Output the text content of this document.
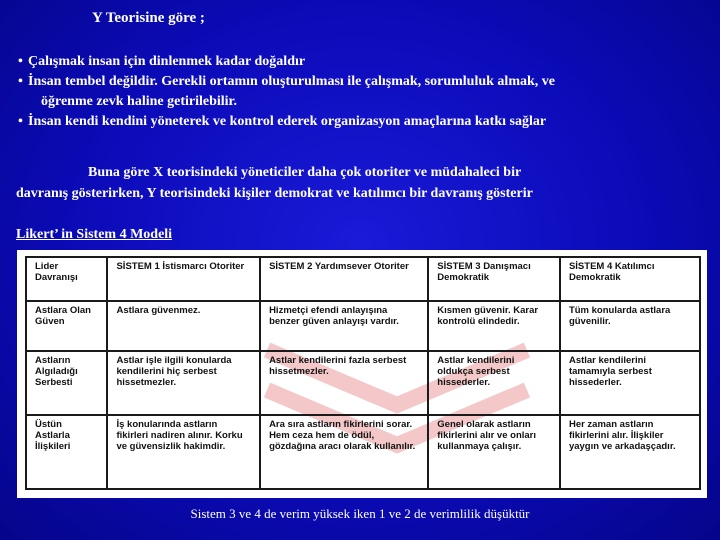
Y Teorisine göre ;
• Çalışmak insan için dinlenmek kadar doğaldır
• İnsan tembel değildir. Gerekli ortamın oluşturulması ile çalışmak, sorumluluk almak, ve
öğrenme zevk haline getirilebilir.
• İnsan kendi kendini yöneterek ve kontrol ederek organizasyon amaçlarına katkı sağlar
Buna göre X teorisindeki yöneticiler daha çok otoriter ve müdahaleci bir
davranış gösterirken, Y teorisindeki kişiler demokrat ve katılımcı bir davranış gösterir
Likert’ in Sistem 4 Modeli
Lider Davranışı	SİSTEM 1 İstismarcı Otoriter	SİSTEM 2 Yardımsever Otoriter	SİSTEM 3 Danışmacı Demokratik	SİSTEM 4 Katılımcı Demokratik
Astlara Olan Güven	Astlara güvenmez.	Hizmetçi efendi anlayışına benzer güven anlayışı vardır.	Kısmen güvenir. Karar kontrolü elindedir.	Tüm konularda astlara güvenilir.
Astların Algıladığı Serbesti	Astlar işle ilgili konularda kendilerini hiç serbest hissetmezler.	Astlar kendilerini fazla serbest hissetmezler.	Astlar kendilerini oldukça serbest hissederler.	Astlar kendilerini tamamıyla serbest hissederler.
Üstün Astlarla İlişkileri	İş konularında astların fikirleri nadiren alınır. Korku ve güvensizlik hakimdir.	Ara sıra astların fikirlerini sorar. Hem ceza hem de ödül, gözdağına aracı olarak kullanılır.	Genel olarak astların fikirlerini alır ve onları kullanmaya çalışır.	Her zaman astların fikirlerini alır. İlişkiler yaygın ve arkadaşçadır.
Sistem 3 ve 4 de verim yüksek iken 1 ve 2 de verimlilik düşüktür
